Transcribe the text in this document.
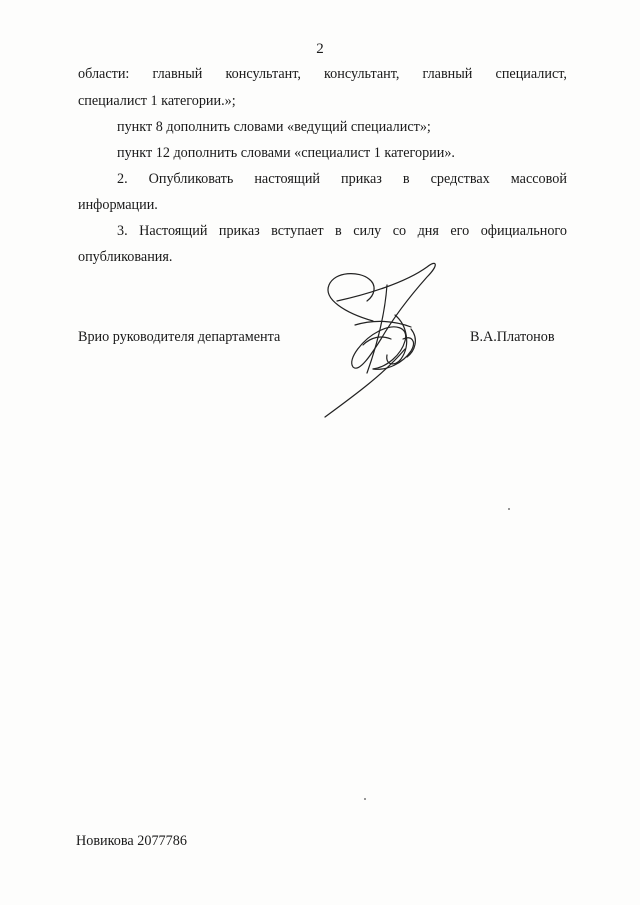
2
области: главный консультант, консультант, главный специалист,
специалист 1 категории.»;
пункт 8 дополнить словами «ведущий специалист»;
пункт 12 дополнить словами «специалист 1 категории».
2. Опубликовать настоящий приказ в средствах массовой
информации.
3. Настоящий приказ вступает в силу со дня его официального
опубликования.
Врио руководителя департамента	В.А.Платонов
Новикова 2077786
